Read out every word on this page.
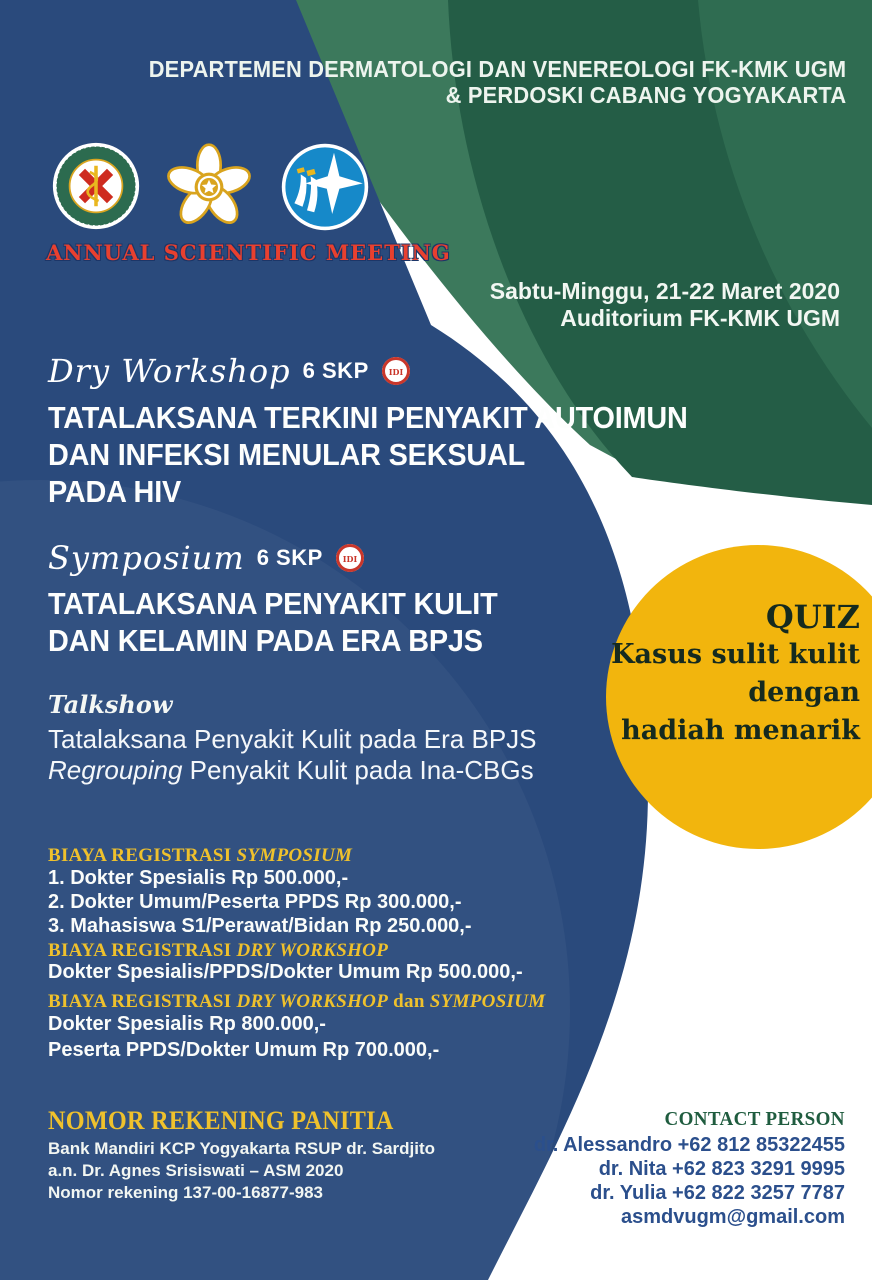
DEPARTEMEN DERMATOLOGI DAN VENEREOLOGI FK-KMK UGM
& PERDOSKI CABANG YOGYAKARTA
ANNUAL SCIENTIFIC MEETING
Sabtu-Minggu, 21-22 Maret 2020
Auditorium FK-KMK UGM
Dry Workshop 6 SKP IDI
TATALAKSANA TERKINI PENYAKIT AUTOIMUN
DAN INFEKSI MENULAR SEKSUAL
PADA HIV
Symposium 6 SKP IDI
TATALAKSANA PENYAKIT KULIT
DAN KELAMIN PADA ERA BPJS
Talkshow
Tatalaksana Penyakit Kulit pada Era BPJS
Regrouping Penyakit Kulit pada Ina-CBGs
QUIZ
Kasus sulit kulit
dengan
hadiah menarik
BIAYA REGISTRASI SYMPOSIUM
1. Dokter Spesialis Rp 500.000,-
2. Dokter Umum/Peserta PPDS Rp 300.000,-
3. Mahasiswa S1/Perawat/Bidan Rp 250.000,-
BIAYA REGISTRASI DRY WORKSHOP
Dokter Spesialis/PPDS/Dokter Umum Rp 500.000,-
BIAYA REGISTRASI DRY WORKSHOP dan SYMPOSIUM
Dokter Spesialis Rp 800.000,-
Peserta PPDS/Dokter Umum Rp 700.000,-
NOMOR REKENING PANITIA
Bank Mandiri KCP Yogyakarta RSUP dr. Sardjito
a.n. Dr. Agnes Srisiswati – ASM 2020
Nomor rekening 137-00-16877-983
CONTACT PERSON
dr. Alessandro +62 812 85322455
dr. Nita +62 823 3291 9995
dr. Yulia +62 822 3257 7787
asmdvugm@gmail.com
